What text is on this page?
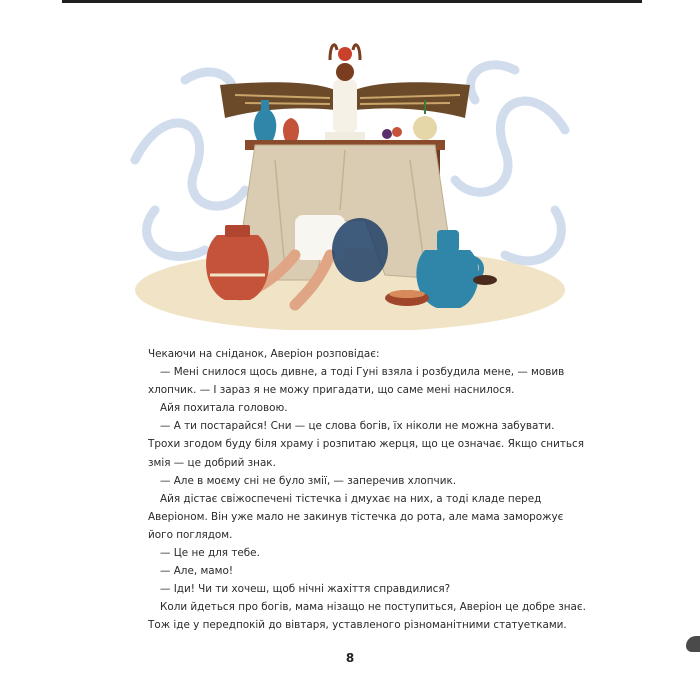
Чекаючи на сніданок, Аверіон розповідає:

— Мені снилося щось дивне, а тоді Гуні взяла і розбудила мене, — мовив

хлопчик. — І зараз я не можу пригадати, що саме мені наснилося.

Айя похитала головою.

— А ти постарайся! Сни — це слова богів, їх ніколи не можна забувати.

Трохи згодом буду біля храму і розпитаю жерця, що це означає. Якщо сниться

змія — це добрий знак.

— Але в моєму сні не було змії, — заперечив хлопчик.

Айя дістає свіжоспечені тістечка і дмухає на них, а тоді кладе перед

Аверіоном. Він уже мало не закинув тістечка до рота, але мама заморожує

його поглядом.

— Це не для тебе.

— Але, мамо!

— Іди! Чи ти хочеш, щоб нічні жахіття справдилися?

Коли йдеться про богів, мама нізащо не поступиться, Аверіон це добре знає.

Тож іде у передпокій до вівтаря, уставленого різноманітними статуетками.

8
